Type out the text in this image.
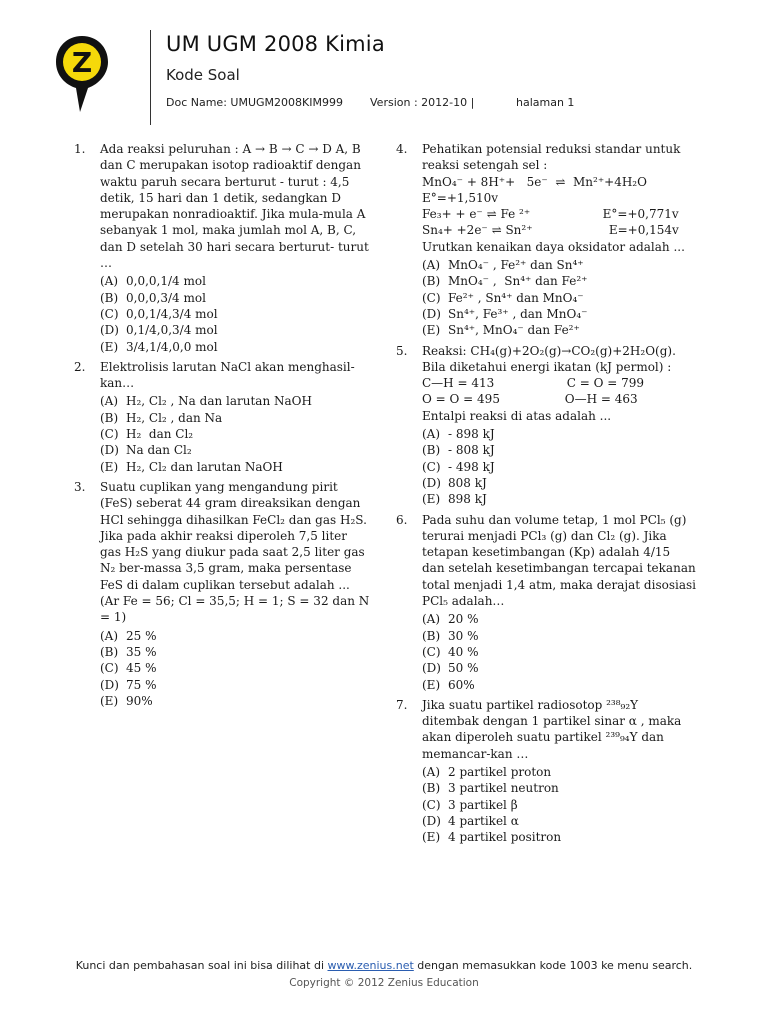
Z
UM UGM 2008 Kimia
Kode Soal
Doc Name: UMUGM2008KIM999 Version : 2012-10 |	halaman 1
1.	Ada reaksi peluruhan : A → B → C → D A, B dan C merupakan isotop radioaktif dengan waktu paruh secara berturut - turut : 4,5 detik, 15 hari dan 1 detik, sedangkan D merupakan nonradioaktif. Jika mula-mula A sebanyak 1 mol, maka jumlah mol A, B, C, dan D setelah 30 hari secara berturut- turut …
(A) 0,0,0,1/4 mol
(B) 0,0,0,3/4 mol
(C) 0,0,1/4,3/4 mol
(D) 0,1/4,0,3/4 mol
(E) 3/4,1/4,0,0 mol
2.	Elektrolisis larutan NaCl akan menghasil-
kan…
(A) H₂, Cl₂ , Na dan larutan NaOH
(B) H₂, Cl₂ , dan Na
(C) H₂  dan Cl₂
(D) Na dan Cl₂
(E) H₂, Cl₂ dan larutan NaOH
3.	Suatu cuplikan yang mengandung pirit (FeS) seberat 44 gram direaksikan dengan HCl sehingga dihasilkan FeCl₂ dan gas H₂S. Jika pada akhir reaksi diperoleh 7,5 liter gas H₂S yang diukur pada saat 2,5 liter gas N₂ ber-massa 3,5 gram, maka persentase FeS di dalam cuplikan tersebut adalah ... (Ar Fe = 56; Cl = 35,5; H = 1; S = 32 dan N = 1)
(A) 25 %
(B) 35 %
(C) 45 %
(D) 75 %
(E) 90%
4.	Pehatikan potensial reduksi standar untuk reaksi setengah sel :
MnO₄⁻ + 8H⁺+   5e⁻  ⇌  Mn²⁺+4H₂O
E°=+1,510v
Fe₃+ + e⁻ ⇌ Fe ²⁺                   E°=+0,771v
Sn₄+ +2e⁻ ⇌ Sn²⁺                    E=+0,154v
Urutkan kenaikan daya oksidator adalah ...
(A) MnO₄⁻ , Fe²⁺ dan Sn⁴⁺
(B) MnO₄⁻ ,  Sn⁴⁺ dan Fe²⁺
(C) Fe²⁺ , Sn⁴⁺ dan MnO₄⁻
(D) Sn⁴⁺, Fe³⁺ , dan MnO₄⁻
(E) Sn⁴⁺, MnO₄⁻ dan Fe²⁺
5.	Reaksi: CH₄(g)+2O₂(g)→CO₂(g)+2H₂O(g). Bila diketahui energi ikatan (kJ permol) :
C—H = 413                   C = O = 799
O = O = 495                 O—H = 463
Entalpi reaksi di atas adalah ...
(A) - 898 kJ
(B) - 808 kJ
(C) - 498 kJ
(D) 808 kJ
(E) 898 kJ
6.	Pada suhu dan volume tetap, 1 mol PCl₅ (g) terurai menjadi PCl₃ (g) dan Cl₂ (g). Jika tetapan kesetimbangan (Kp) adalah 4/15 dan setelah kesetimbangan tercapai tekanan total menjadi 1,4 atm, maka derajat disosiasi PCl₅ adalah…
(A) 20 %
(B) 30 %
(C) 40 %
(D) 50 %
(E) 60%
7.	Jika suatu partikel radiosotop ²³⁸₉₂Y ditembak dengan 1 partikel sinar α , maka akan diperoleh suatu partikel ²³⁹₉₄Y dan memancar-kan …
(A) 2 partikel proton
(B) 3 partikel neutron
(C) 3 partikel β
(D) 4 partikel α
(E) 4 partikel positron
Kunci dan pembahasan soal ini bisa dilihat di www.zenius.net dengan memasukkan kode 1003 ke menu search.
Copyright © 2012 Zenius Education
